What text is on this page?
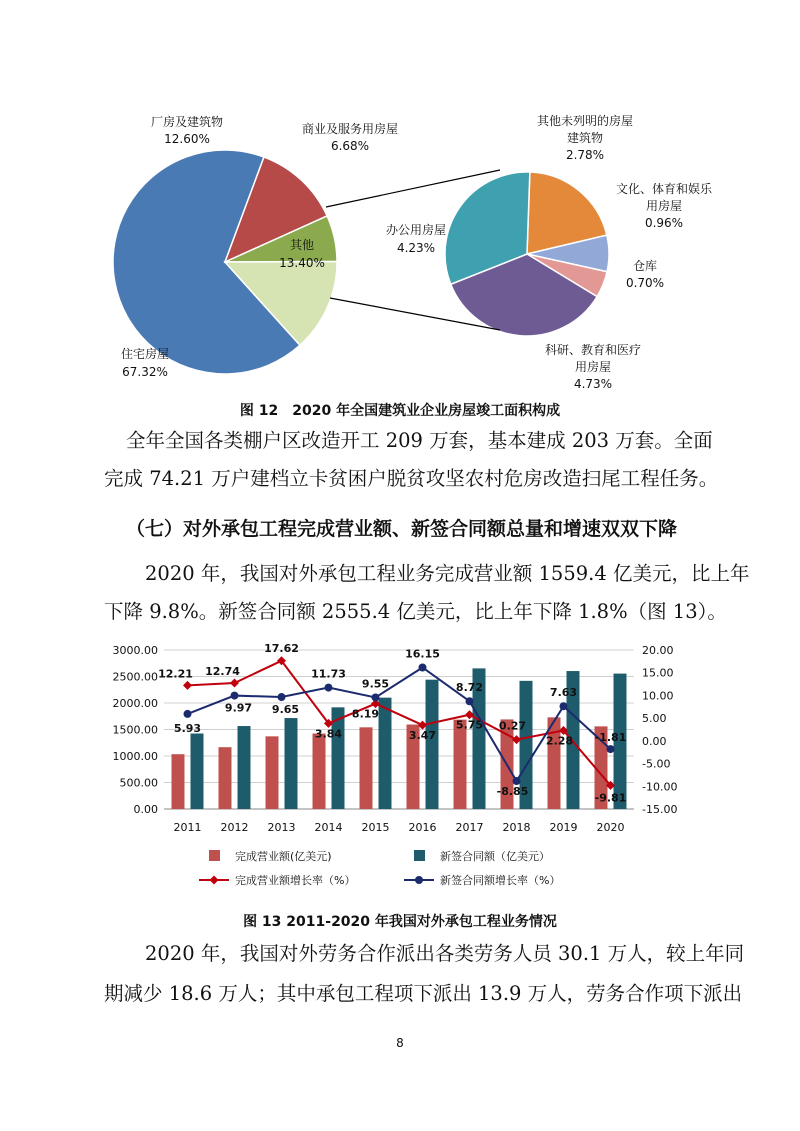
厂房及建筑物
12.60%
商业及服务用房屋
6.68%
其他
13.40%
住宅房屋
67.32%
其他未列明的房屋
建筑物
2.78%
文化、体育和娱乐
用房屋
0.96%
仓库
0.70%
科研、教育和医疗
用房屋
4.73%
办公用房屋
4.23%
图 12　2020 年全国建筑业企业房屋竣工面积构成
全年全国各类棚户区改造开工 209 万套，基本建成 203 万套。全面
完成 74.21 万户建档立卡贫困户脱贫攻坚农村危房改造扫尾工程任务。
（七）对外承包工程完成营业额、新签合同额总量和增速双双下降
2020 年，我国对外承包工程业务完成营业额 1559.4 亿美元，比上年
下降 9.8%。新签合同额 2555.4 亿美元，比上年下降 1.8%（图 13）。
0.00
500.00
1000.00
1500.00
2000.00
2500.00
3000.00
-15.00
-10.00
-5.00
0.00
5.00
10.00
15.00
20.00
2011 2012 2013 2014 2015 2016 2017 2018 2019 2020
12.21 12.74
17.62
3.84
8.19
3.47
5.75 0.27
2.28
-9.81
5.93
9.97 9.65
11.73
9.55
16.15
8.72
-8.85
7.63
-1.81
完成营业额(亿美元)	新签合同额（亿美元）
完成营业额增长率（%）	新签合同额增长率（%）
图 13 2011-2020 年我国对外承包工程业务情况
2020 年，我国对外劳务合作派出各类劳务人员 30.1 万人，较上年同
期减少 18.6 万人；其中承包工程项下派出 13.9 万人，劳务合作项下派出
8
